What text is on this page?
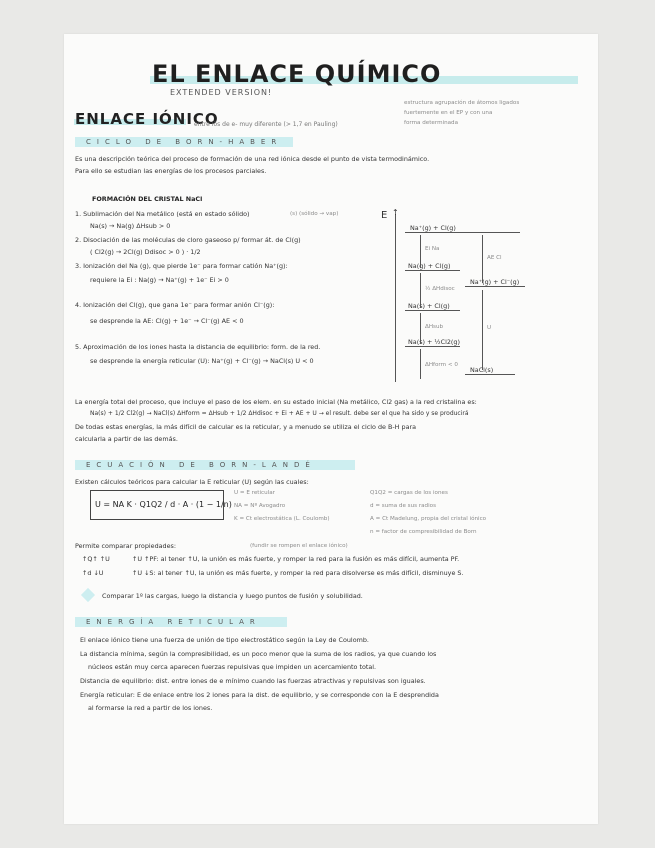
EL ENLACE QUÍMICO
EXTENDED VERSION!
ENLACE IÓNICO
entre iös de e- muy diferente (> 1,7 en Pauling)
estructura agrupación de átomos ligados
fuertemente en el EP y con una
forma determinada
CICLO DE BORN-HABER
Es una descripción teórica del proceso de formación de una red iónica desde el punto de vista termodinámico.
Para ello se estudian las energías de los procesos parciales.
FORMACIÓN DEL CRISTAL NaCl
1. Sublimación del Na metálico (está en estado sólido)	(s) (sólido → vap)
Na(s) → Na(g) ΔHsub > 0
2. Disociación de las moléculas de cloro gaseoso p/ formar át. de Cl(g)
( Cl2(g) → 2Cl(g) Ddisoc > 0 ) · 1/2
3. Ionización del Na (g), que pierde 1e⁻ para formar catión Na⁺(g):
requiere la Ei : Na(g) → Na⁺(g) + 1e⁻ Ei > 0
4. Ionización del Cl(g), que gana 1e⁻ para formar anión Cl⁻(g):
se desprende la AE: Cl(g) + 1e⁻ → Cl⁻(g) AE < 0
5. Aproximación de los iones hasta la distancia de equilibrio: form. de la red.
se desprende la energía reticular (U): Na⁺(g) + Cl⁻(g) → NaCl(s) U < 0
E ↑
Na⁺(g) + Cl(g)
Na(g) + Cl(g)
Na(s) + Cl(g)
Na(s) + ½Cl2(g)
Na⁺(g) + Cl⁻(g)
NaCl(s)
Ei Na
½ ΔHdisoc
ΔHsub
ΔHform < 0
AE Cl
U
La energía total del proceso, que incluye el paso de los elem. en su estado inicial (Na metálico, Cl2 gas) a la red cristalina es:
Na(s) + 1/2 Cl2(g) → NaCl(s) ΔHform = ΔHsub + 1/2 ΔHdisoc + Ei + AE + U → el result. debe ser el que ha sido y se producirá
De todas estas energías, la más difícil de calcular es la reticular, y a menudo se utiliza el ciclo de B-H para
calcularla a partir de las demás.
ECUACIÓN DE BORN-LANDÉ
Existen cálculos teóricos para calcular la E reticular (U) según las cuales:
U = NA K · Q1Q2 / d · A · (1 − 1/n)
U = E reticular
NA = Nº Avogadro
K = Ct electrostática (L. Coulomb)
Q1Q2 = cargas de los iones
d = suma de sus radios
A = Ct Madelung, propia del cristal iónico
n = factor de compresibilidad de Born
Permite comparar propiedades:	(fundir se rompen el enlace iónico)
↑Q↑ ↑U	↑U ↑PF: al tener ↑U, la unión es más fuerte, y romper la red para la fusión es más difícil, aumenta PF.
↑d ↓U	↑U ↓S: al tener ↑U, la unión es más fuerte, y romper la red para disolverse es más difícil, disminuye S.
Comparar 1º las cargas, luego la distancia y luego puntos de fusión y solubilidad.
ENERGÍA RETICULAR
El enlace iónico tiene una fuerza de unión de tipo electrostático según la Ley de Coulomb.
La distancia mínima, según la compresibilidad, es un poco menor que la suma de los radios, ya que cuando los
núcleos están muy cerca aparecen fuerzas repulsivas que impiden un acercamiento total.
Distancia de equilibrio: dist. entre iones de e mínimo cuando las fuerzas atractivas y repulsivas son iguales.
Energía reticular: E de enlace entre los 2 iones para la dist. de equilibrio, y se corresponde con la E desprendida
al formarse la red a partir de los iones.
